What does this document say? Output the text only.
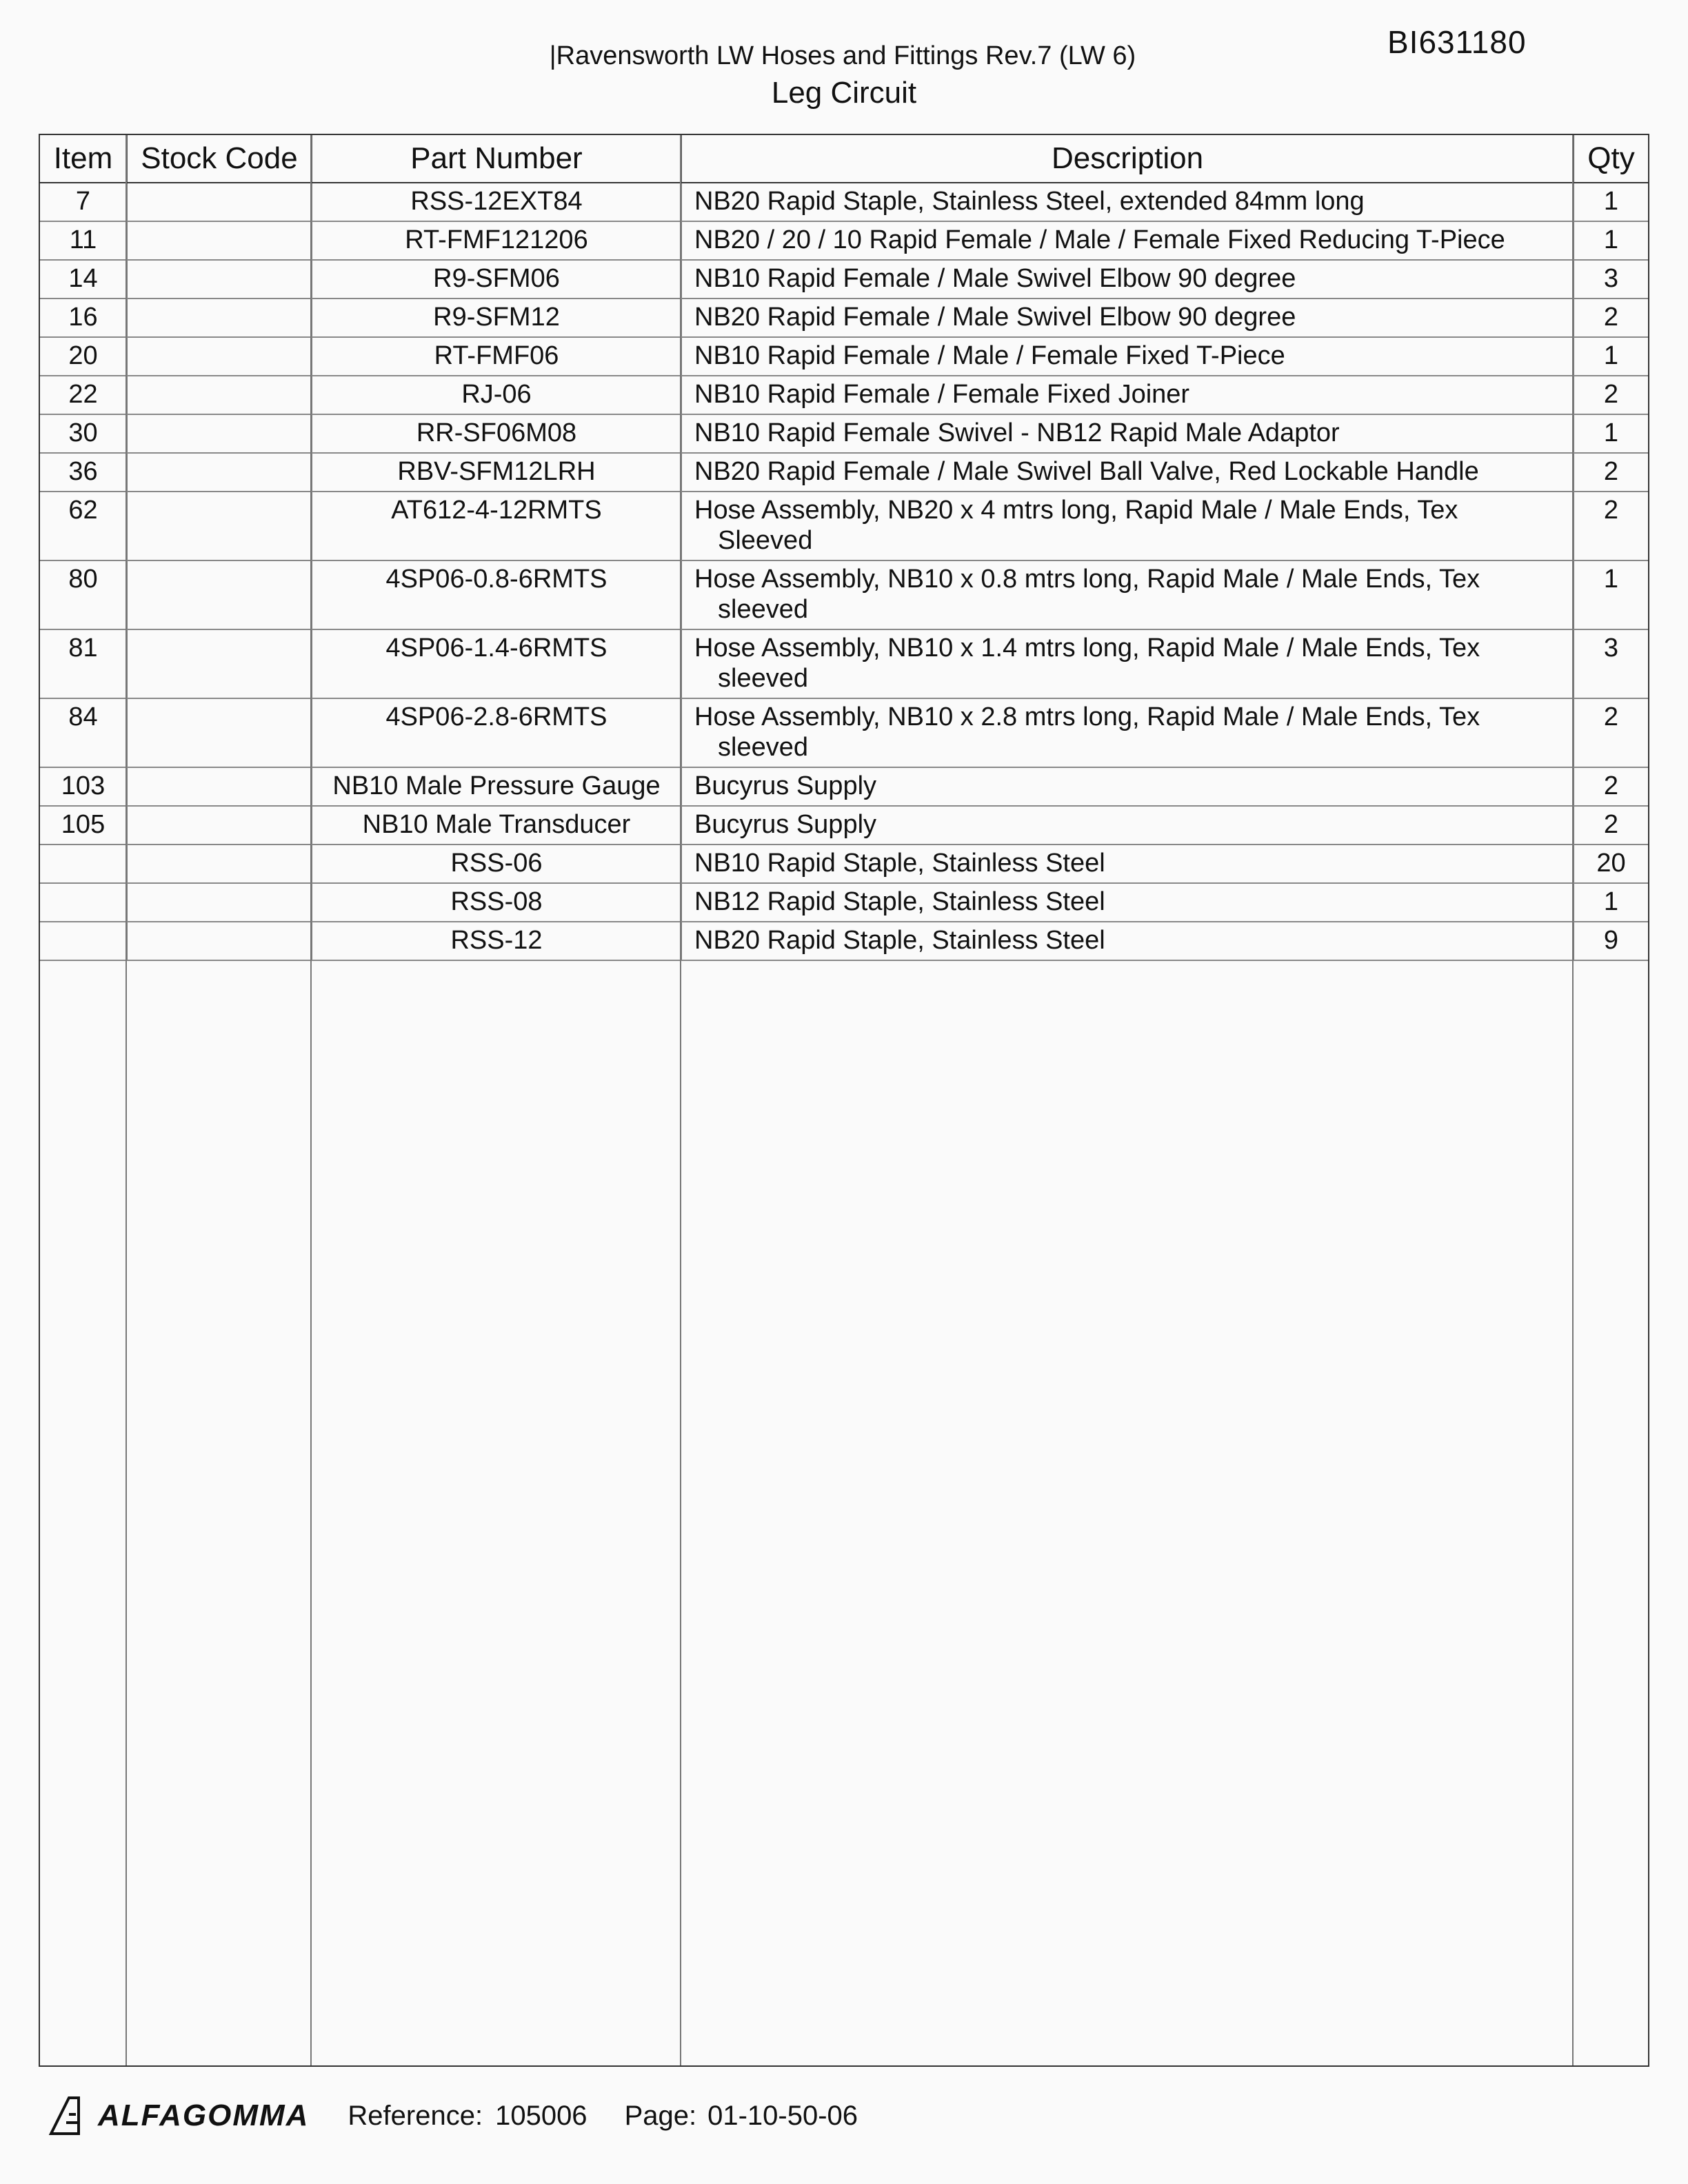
BI631180
|Ravensworth LW Hoses and Fittings Rev.7 (LW 6)
Leg Circuit
Item	Stock Code	Part Number	Description	Qty
7		RSS-12EXT84	NB20 Rapid Staple, Stainless Steel, extended 84mm long	1
11		RT-FMF121206	NB20 / 20 / 10 Rapid Female / Male / Female Fixed Reducing T-Piece	1
14		R9-SFM06	NB10 Rapid Female / Male Swivel Elbow 90 degree	3
16		R9-SFM12	NB20 Rapid Female / Male Swivel Elbow 90 degree	2
20		RT-FMF06	NB10 Rapid Female / Male / Female Fixed T-Piece	1
22		RJ-06	NB10 Rapid Female / Female Fixed Joiner	2
30		RR-SF06M08	NB10 Rapid Female Swivel - NB12 Rapid Male Adaptor	1
36		RBV-SFM12LRH	NB20 Rapid Female / Male Swivel Ball Valve, Red Lockable Handle	2
62		AT612-4-12RMTS	Hose Assembly, NB20 x 4 mtrs long, Rapid Male / Male Ends, Tex
Sleeved	2
80		4SP06-0.8-6RMTS	Hose Assembly, NB10 x 0.8 mtrs long, Rapid Male / Male Ends, Tex
sleeved	1
81		4SP06-1.4-6RMTS	Hose Assembly, NB10 x 1.4 mtrs long, Rapid Male / Male Ends, Tex
sleeved	3
84		4SP06-2.8-6RMTS	Hose Assembly, NB10 x 2.8 mtrs long, Rapid Male / Male Ends, Tex
sleeved	2
103		NB10 Male Pressure Gauge	Bucyrus Supply	2
105		NB10 Male Transducer	Bucyrus Supply	2
		RSS-06	NB10 Rapid Staple, Stainless Steel	20
		RSS-08	NB12 Rapid Staple, Stainless Steel	1
		RSS-12	NB20 Rapid Staple, Stainless Steel	9
ALFAGOMMA Reference: 105006 Page: 01-10-50-06
